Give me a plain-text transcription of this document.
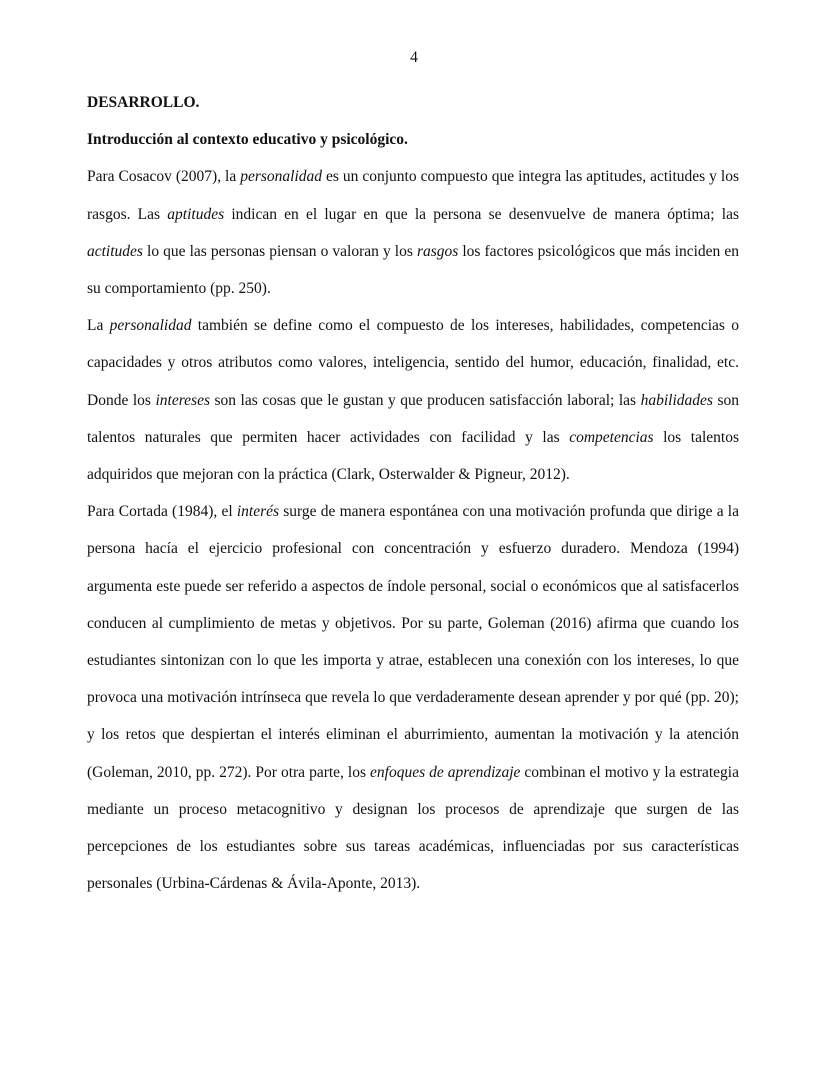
4

DESARROLLO.

Introducción al contexto educativo y psicológico.

Para Cosacov (2007), la personalidad es un conjunto compuesto que integra las aptitudes, actitudes y los rasgos. Las aptitudes indican en el lugar en que la persona se desenvuelve de manera óptima; las actitudes lo que las personas piensan o valoran y los rasgos los factores psicológicos que más inciden en su comportamiento (pp. 250).

La personalidad también se define como el compuesto de los intereses, habilidades, competencias o capacidades y otros atributos como valores, inteligencia, sentido del humor, educación, finalidad, etc. Donde los intereses son las cosas que le gustan y que producen satisfacción laboral; las habilidades son talentos naturales que permiten hacer actividades con facilidad y las competencias los talentos adquiridos que mejoran con la práctica (Clark, Osterwalder & Pigneur, 2012).

Para Cortada (1984), el interés surge de manera espontánea con una motivación profunda que dirige a la persona hacía el ejercicio profesional con concentración y esfuerzo duradero. Mendoza (1994) argumenta este puede ser referido a aspectos de índole personal, social o económicos que al satisfacerlos conducen al cumplimiento de metas y objetivos. Por su parte, Goleman (2016) afirma que cuando los estudiantes sintonizan con lo que les importa y atrae, establecen una conexión con los intereses, lo que provoca una motivación intrínseca que revela lo que verdaderamente desean aprender y por qué (pp. 20); y los retos que despiertan el interés eliminan el aburrimiento, aumentan la motivación y la atención (Goleman, 2010, pp. 272). Por otra parte, los enfoques de aprendizaje combinan el motivo y la estrategia mediante un proceso metacognitivo y designan los procesos de aprendizaje que surgen de las percepciones de los estudiantes sobre sus tareas académicas, influenciadas por sus características personales (Urbina-Cárdenas & Ávila-Aponte, 2013).
